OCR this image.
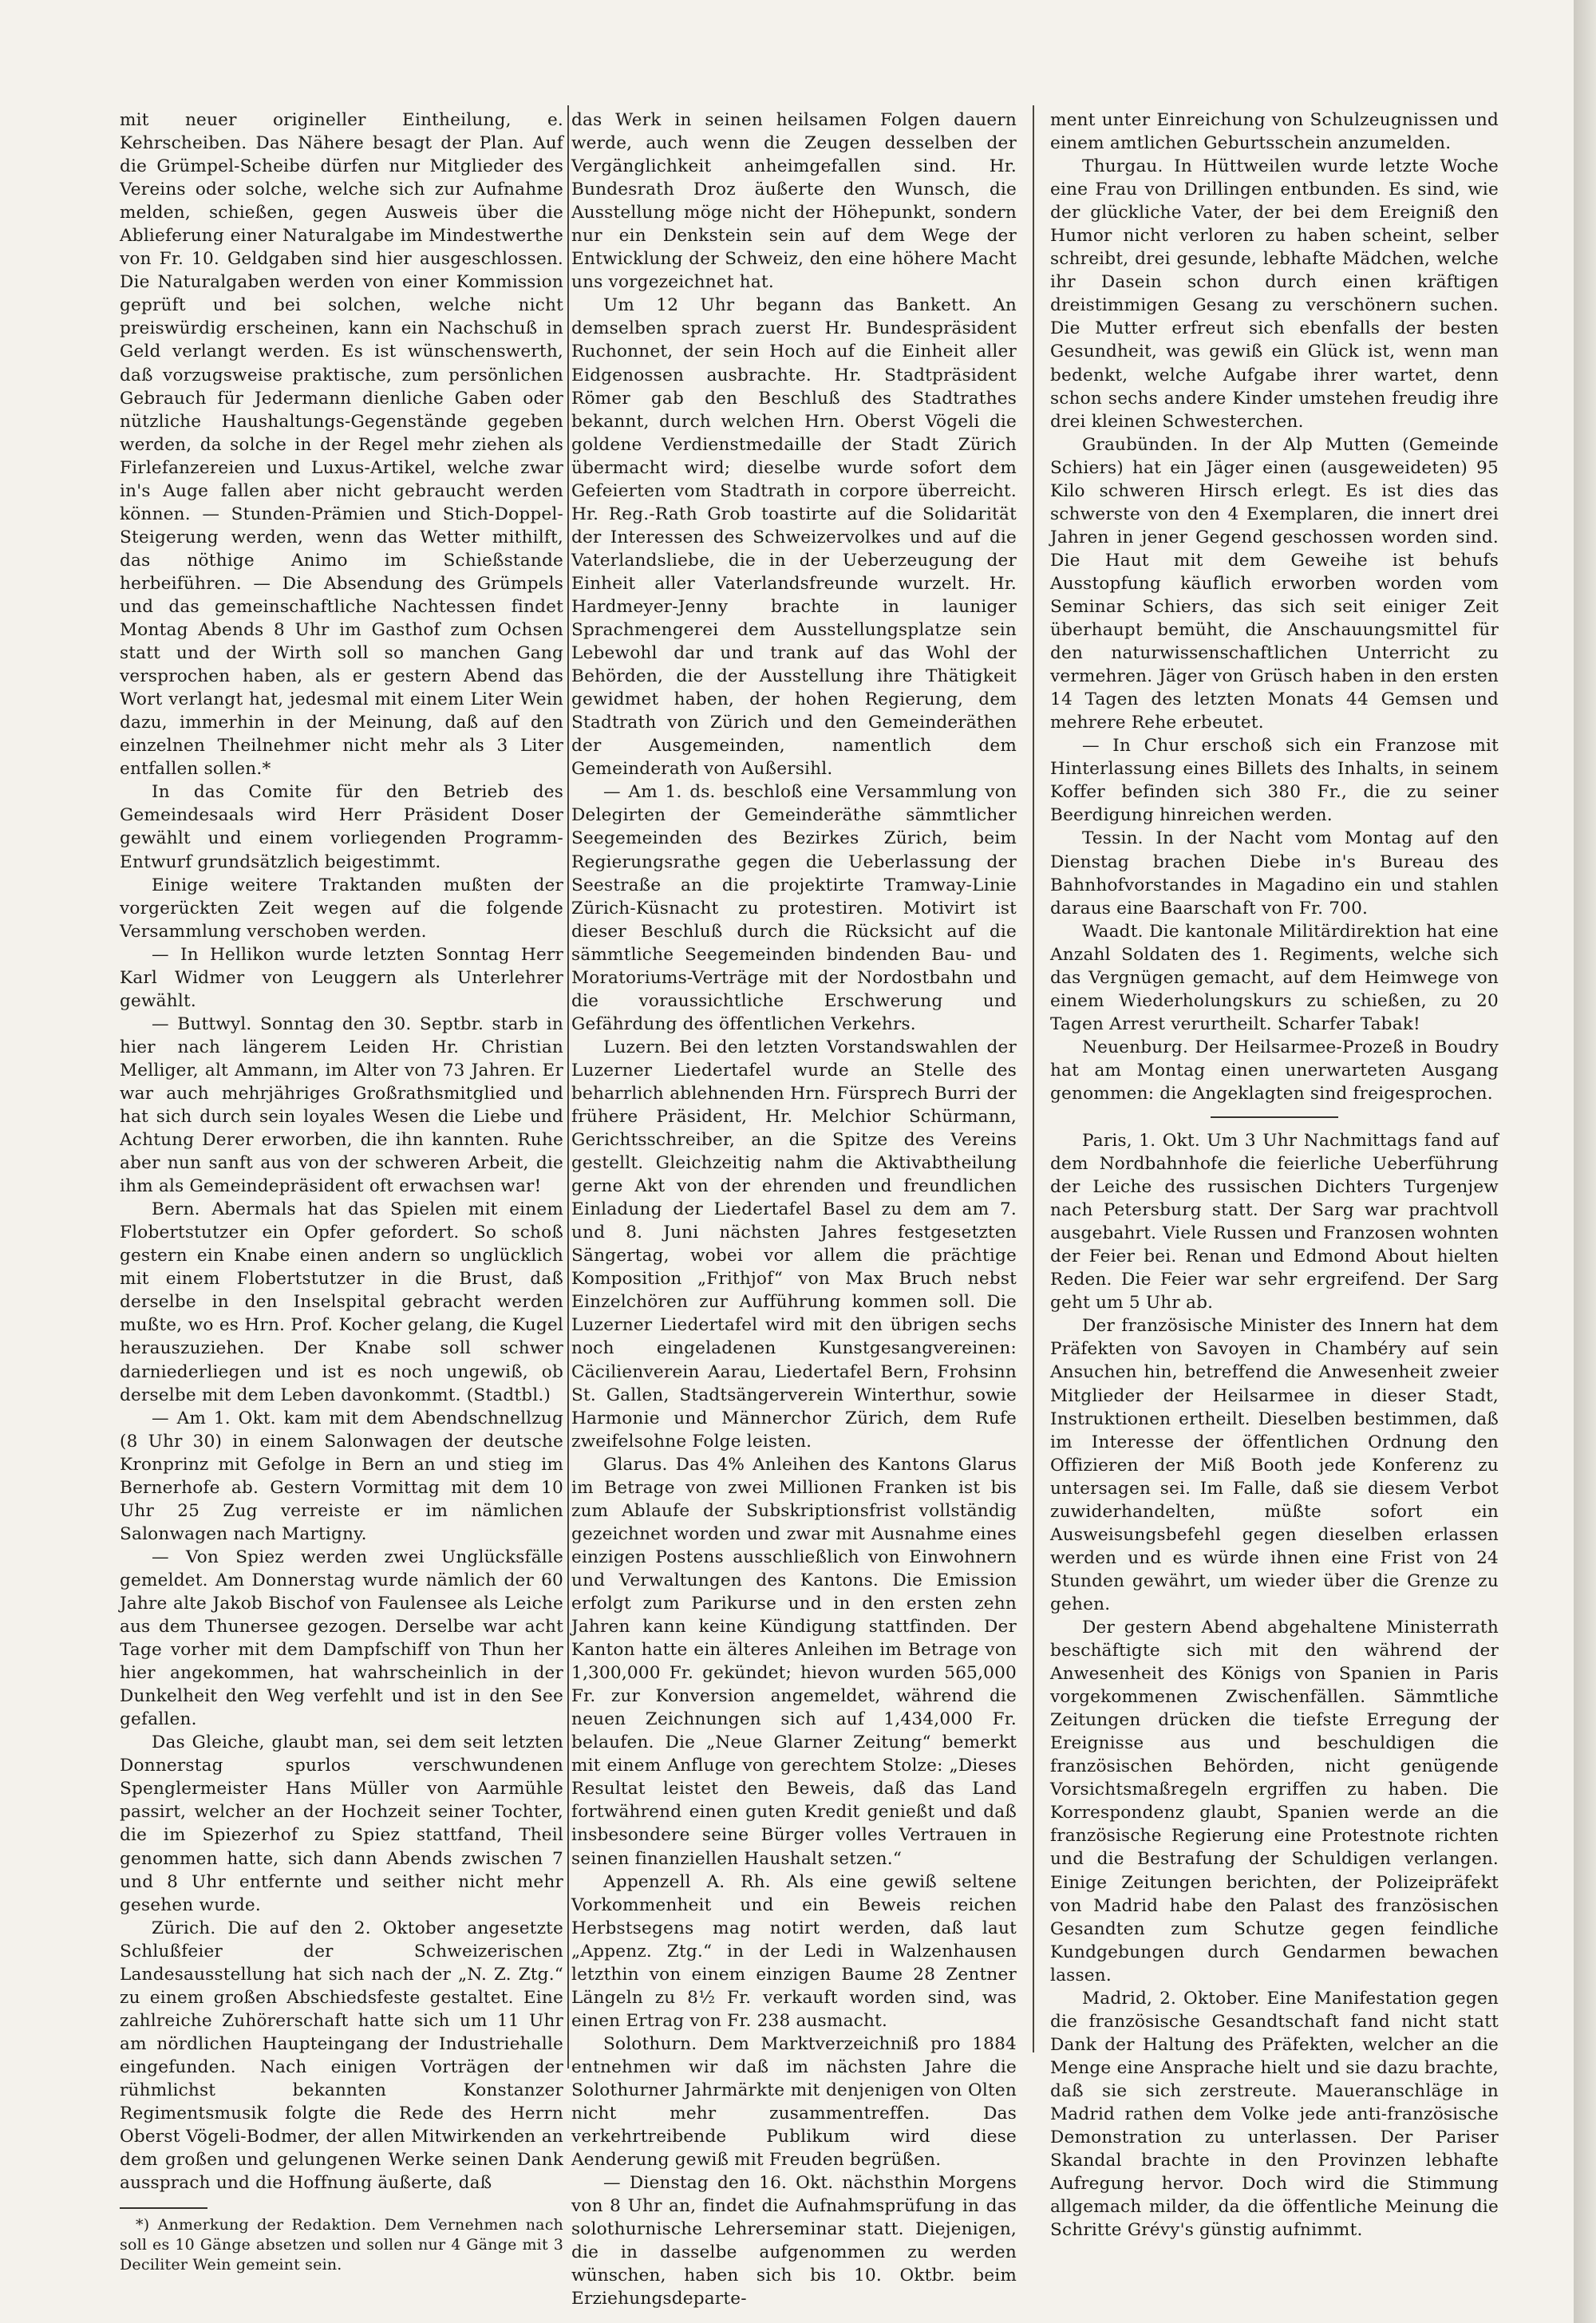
mit neuer origineller Eintheilung, e. Kehrscheiben. Das Nähere besagt der Plan. Auf die Grümpel-Scheibe dürfen nur Mitglieder des Vereins oder solche, welche sich zur Aufnahme melden, schießen, gegen Ausweis über die Ablieferung einer Naturalgabe im Mindestwerthe von Fr. 10. Geldgaben sind hier ausgeschlossen. Die Naturalgaben werden von einer Kommission geprüft und bei solchen, welche nicht preiswürdig erscheinen, kann ein Nachschuß in Geld verlangt werden. Es ist wünschenswerth, daß vorzugsweise praktische, zum persönlichen Gebrauch für Jedermann dienliche Gaben oder nützliche Haushaltungs-Gegenstände gegeben werden, da solche in der Regel mehr ziehen als Firlefanzereien und Luxus-Artikel, welche zwar in's Auge fallen aber nicht gebraucht werden können. — Stunden-Prämien und Stich-Doppel-Steigerung werden, wenn das Wetter mithilft, das nöthige Animo im Schießstande herbeiführen. — Die Absendung des Grümpels und das gemeinschaftliche Nachtessen findet Montag Abends 8 Uhr im Gasthof zum Ochsen statt und der Wirth soll so manchen Gang versprochen haben, als er gestern Abend das Wort verlangt hat, jedesmal mit einem Liter Wein dazu, immerhin in der Meinung, daß auf den einzelnen Theilnehmer nicht mehr als 3 Liter entfallen sollen.*

In das Comite für den Betrieb des Gemeindesaals wird Herr Präsident Doser gewählt und einem vorliegenden Programm-Entwurf grundsätzlich beigestimmt.

Einige weitere Traktanden mußten der vorgerückten Zeit wegen auf die folgende Versammlung verschoben werden.

— In Hellikon wurde letzten Sonntag Herr Karl Widmer von Leuggern als Unterlehrer gewählt.

— Buttwyl. Sonntag den 30. Septbr. starb in hier nach längerem Leiden Hr. Christian Melliger, alt Ammann, im Alter von 73 Jahren. Er war auch mehrjähriges Großrathsmitglied und hat sich durch sein loyales Wesen die Liebe und Achtung Derer erworben, die ihn kannten. Ruhe aber nun sanft aus von der schweren Arbeit, die ihm als Gemeindepräsident oft erwachsen war!

Bern. Abermals hat das Spielen mit einem Flobertstutzer ein Opfer gefordert. So schoß gestern ein Knabe einen andern so unglücklich mit einem Flobertstutzer in die Brust, daß derselbe in den Inselspital gebracht werden mußte, wo es Hrn. Prof. Kocher gelang, die Kugel herauszuziehen. Der Knabe soll schwer darniederliegen und ist es noch ungewiß, ob derselbe mit dem Leben davonkommt. (Stadtbl.)

— Am 1. Okt. kam mit dem Abendschnellzug (8 Uhr 30) in einem Salonwagen der deutsche Kronprinz mit Gefolge in Bern an und stieg im Bernerhofe ab. Gestern Vormittag mit dem 10 Uhr 25 Zug verreiste er im nämlichen Salonwagen nach Martigny.

— Von Spiez werden zwei Unglücksfälle gemeldet. Am Donnerstag wurde nämlich der 60 Jahre alte Jakob Bischof von Faulensee als Leiche aus dem Thunersee gezogen. Derselbe war acht Tage vorher mit dem Dampfschiff von Thun her hier angekommen, hat wahrscheinlich in der Dunkelheit den Weg verfehlt und ist in den See gefallen.

Das Gleiche, glaubt man, sei dem seit letzten Donnerstag spurlos verschwundenen Spenglermeister Hans Müller von Aarmühle passirt, welcher an der Hochzeit seiner Tochter, die im Spiezerhof zu Spiez stattfand, Theil genommen hatte, sich dann Abends zwischen 7 und 8 Uhr entfernte und seither nicht mehr gesehen wurde.

Zürich. Die auf den 2. Oktober angesetzte Schlußfeier der Schweizerischen Landesausstellung hat sich nach der „N. Z. Ztg.“ zu einem großen Abschiedsfeste gestaltet. Eine zahlreiche Zuhörerschaft hatte sich um 11 Uhr am nördlichen Haupteingang der Industriehalle eingefunden. Nach einigen Vorträgen der rühmlichst bekannten Konstanzer Regimentsmusik folgte die Rede des Herrn Oberst Vögeli-Bodmer, der allen Mitwirkenden an dem großen und gelungenen Werke seinen Dank aussprach und die Hoffnung äußerte, daß

*) Anmerkung der Redaktion. Dem Vernehmen nach soll es 10 Gänge absetzen und sollen nur 4 Gänge mit 3 Deciliter Wein gemeint sein.

das Werk in seinen heilsamen Folgen dauern werde, auch wenn die Zeugen desselben der Vergänglichkeit anheimgefallen sind. Hr. Bundesrath Droz äußerte den Wunsch, die Ausstellung möge nicht der Höhepunkt, sondern nur ein Denkstein sein auf dem Wege der Entwicklung der Schweiz, den eine höhere Macht uns vorgezeichnet hat.

Um 12 Uhr begann das Bankett. An demselben sprach zuerst Hr. Bundespräsident Ruchonnet, der sein Hoch auf die Einheit aller Eidgenossen ausbrachte. Hr. Stadtpräsident Römer gab den Beschluß des Stadtrathes bekannt, durch welchen Hrn. Oberst Vögeli die goldene Verdienstmedaille der Stadt Zürich übermacht wird; dieselbe wurde sofort dem Gefeierten vom Stadtrath in corpore überreicht. Hr. Reg.-Rath Grob toastirte auf die Solidarität der Interessen des Schweizervolkes und auf die Vaterlandsliebe, die in der Ueberzeugung der Einheit aller Vaterlandsfreunde wurzelt. Hr. Hardmeyer-Jenny brachte in launiger Sprachmengerei dem Ausstellungsplatze sein Lebewohl dar und trank auf das Wohl der Behörden, die der Ausstellung ihre Thätigkeit gewidmet haben, der hohen Regierung, dem Stadtrath von Zürich und den Gemeinderäthen der Ausgemeinden, namentlich dem Gemeinderath von Außersihl.

— Am 1. ds. beschloß eine Versammlung von Delegirten der Gemeinderäthe sämmtlicher Seegemeinden des Bezirkes Zürich, beim Regierungsrathe gegen die Ueberlassung der Seestraße an die projektirte Tramway-Linie Zürich-Küsnacht zu protestiren. Motivirt ist dieser Beschluß durch die Rücksicht auf die sämmtliche Seegemeinden bindenden Bau- und Moratoriums-Verträge mit der Nordostbahn und die voraussichtliche Erschwerung und Gefährdung des öffentlichen Verkehrs.

Luzern. Bei den letzten Vorstandswahlen der Luzerner Liedertafel wurde an Stelle des beharrlich ablehnenden Hrn. Fürsprech Burri der frühere Präsident, Hr. Melchior Schürmann, Gerichtsschreiber, an die Spitze des Vereins gestellt. Gleichzeitig nahm die Aktivabtheilung gerne Akt von der ehrenden und freundlichen Einladung der Liedertafel Basel zu dem am 7. und 8. Juni nächsten Jahres festgesetzten Sängertag, wobei vor allem die prächtige Komposition „Frithjof“ von Max Bruch nebst Einzelchören zur Aufführung kommen soll. Die Luzerner Liedertafel wird mit den übrigen sechs noch eingeladenen Kunstgesangvereinen: Cäcilienverein Aarau, Liedertafel Bern, Frohsinn St. Gallen, Stadtsängerverein Winterthur, sowie Harmonie und Männerchor Zürich, dem Rufe zweifelsohne Folge leisten.

Glarus. Das 4% Anleihen des Kantons Glarus im Betrage von zwei Millionen Franken ist bis zum Ablaufe der Subskriptionsfrist vollständig gezeichnet worden und zwar mit Ausnahme eines einzigen Postens ausschließlich von Einwohnern und Verwaltungen des Kantons. Die Emission erfolgt zum Parikurse und in den ersten zehn Jahren kann keine Kündigung stattfinden. Der Kanton hatte ein älteres Anleihen im Betrage von 1,300,000 Fr. gekündet; hievon wurden 565,000 Fr. zur Konversion angemeldet, während die neuen Zeichnungen sich auf 1,434,000 Fr. belaufen. Die „Neue Glarner Zeitung“ bemerkt mit einem Anfluge von gerechtem Stolze: „Dieses Resultat leistet den Beweis, daß das Land fortwährend einen guten Kredit genießt und daß insbesondere seine Bürger volles Vertrauen in seinen finanziellen Haushalt setzen.“

Appenzell A. Rh. Als eine gewiß seltene Vorkommenheit und ein Beweis reichen Herbstsegens mag notirt werden, daß laut „Appenz. Ztg.“ in der Ledi in Walzenhausen letzthin von einem einzigen Baume 28 Zentner Längeln zu 8½ Fr. verkauft worden sind, was einen Ertrag von Fr. 238 ausmacht.

Solothurn. Dem Marktverzeichniß pro 1884 entnehmen wir daß im nächsten Jahre die Solothurner Jahrmärkte mit denjenigen von Olten nicht mehr zusammentreffen. Das verkehrtreibende Publikum wird diese Aenderung gewiß mit Freuden begrüßen.

— Dienstag den 16. Okt. nächsthin Morgens von 8 Uhr an, findet die Aufnahmsprüfung in das solothurnische Lehrerseminar statt. Diejenigen, die in dasselbe aufgenommen zu werden wünschen, haben sich bis 10. Oktbr. beim Erziehungsdeparte-

ment unter Einreichung von Schulzeugnissen und einem amtlichen Geburtsschein anzumelden.

Thurgau. In Hüttweilen wurde letzte Woche eine Frau von Drillingen entbunden. Es sind, wie der glückliche Vater, der bei dem Ereigniß den Humor nicht verloren zu haben scheint, selber schreibt, drei gesunde, lebhafte Mädchen, welche ihr Dasein schon durch einen kräftigen dreistimmigen Gesang zu verschönern suchen. Die Mutter erfreut sich ebenfalls der besten Gesundheit, was gewiß ein Glück ist, wenn man bedenkt, welche Aufgabe ihrer wartet, denn schon sechs andere Kinder umstehen freudig ihre drei kleinen Schwesterchen.

Graubünden. In der Alp Mutten (Gemeinde Schiers) hat ein Jäger einen (ausgeweideten) 95 Kilo schweren Hirsch erlegt. Es ist dies das schwerste von den 4 Exemplaren, die innert drei Jahren in jener Gegend geschossen worden sind. Die Haut mit dem Geweihe ist behufs Ausstopfung käuflich erworben worden vom Seminar Schiers, das sich seit einiger Zeit überhaupt bemüht, die Anschauungsmittel für den naturwissenschaftlichen Unterricht zu vermehren. Jäger von Grüsch haben in den ersten 14 Tagen des letzten Monats 44 Gemsen und mehrere Rehe erbeutet.

— In Chur erschoß sich ein Franzose mit Hinterlassung eines Billets des Inhalts, in seinem Koffer befinden sich 380 Fr., die zu seiner Beerdigung hinreichen werden.

Tessin. In der Nacht vom Montag auf den Dienstag brachen Diebe in's Bureau des Bahnhofvorstandes in Magadino ein und stahlen daraus eine Baarschaft von Fr. 700.

Waadt. Die kantonale Militärdirektion hat eine Anzahl Soldaten des 1. Regiments, welche sich das Vergnügen gemacht, auf dem Heimwege von einem Wiederholungskurs zu schießen, zu 20 Tagen Arrest verurtheilt. Scharfer Tabak!

Neuenburg. Der Heilsarmee-Prozeß in Boudry hat am Montag einen unerwarteten Ausgang genommen: die Angeklagten sind freigesprochen.

Paris, 1. Okt. Um 3 Uhr Nachmittags fand auf dem Nordbahnhofe die feierliche Ueberführung der Leiche des russischen Dichters Turgenjew nach Petersburg statt. Der Sarg war prachtvoll ausgebahrt. Viele Russen und Franzosen wohnten der Feier bei. Renan und Edmond About hielten Reden. Die Feier war sehr ergreifend. Der Sarg geht um 5 Uhr ab.

Der französische Minister des Innern hat dem Präfekten von Savoyen in Chambéry auf sein Ansuchen hin, betreffend die Anwesenheit zweier Mitglieder der Heilsarmee in dieser Stadt, Instruktionen ertheilt. Dieselben bestimmen, daß im Interesse der öffentlichen Ordnung den Offizieren der Miß Booth jede Konferenz zu untersagen sei. Im Falle, daß sie diesem Verbot zuwiderhandelten, müßte sofort ein Ausweisungsbefehl gegen dieselben erlassen werden und es würde ihnen eine Frist von 24 Stunden gewährt, um wieder über die Grenze zu gehen.

Der gestern Abend abgehaltene Ministerrath beschäftigte sich mit den während der Anwesenheit des Königs von Spanien in Paris vorgekommenen Zwischenfällen. Sämmtliche Zeitungen drücken die tiefste Erregung der Ereignisse aus und beschuldigen die französischen Behörden, nicht genügende Vorsichtsmaßregeln ergriffen zu haben. Die Korrespondenz glaubt, Spanien werde an die französische Regierung eine Protestnote richten und die Bestrafung der Schuldigen verlangen. Einige Zeitungen berichten, der Polizeipräfekt von Madrid habe den Palast des französischen Gesandten zum Schutze gegen feindliche Kundgebungen durch Gendarmen bewachen lassen.

Madrid, 2. Oktober. Eine Manifestation gegen die französische Gesandtschaft fand nicht statt Dank der Haltung des Präfekten, welcher an die Menge eine Ansprache hielt und sie dazu brachte, daß sie sich zerstreute. Maueranschläge in Madrid rathen dem Volke jede anti-französische Demonstration zu unterlassen. Der Pariser Skandal brachte in den Provinzen lebhafte Aufregung hervor. Doch wird die Stimmung allgemach milder, da die öffentliche Meinung die Schritte Grévy's günstig aufnimmt.
